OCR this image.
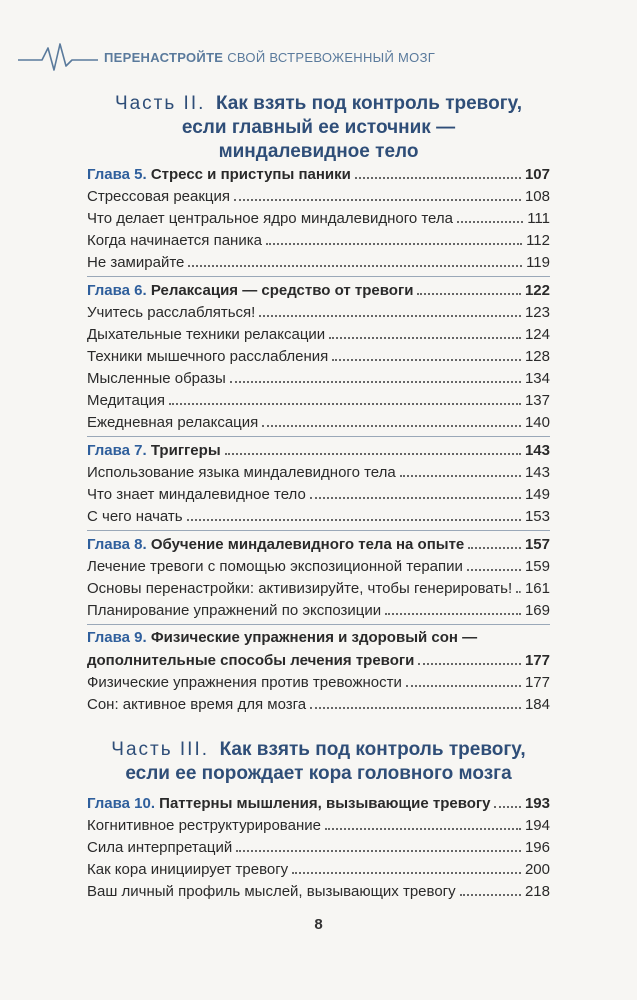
ПЕРЕНАСТРОЙТЕ СВОЙ ВСТРЕВОЖЕННЫЙ МОЗГ
Часть II. Как взять под контроль тревогу,
если главный ее источник —
миндалевидное тело
Глава 5. Стресс и приступы паники	107
Стрессовая реакция	108
Что делает центральное ядро миндалевидного тела	111
Когда начинается паника	112
Не замирайте	119
Глава 6. Релаксация — средство от тревоги	122
Учитесь расслабляться!	123
Дыхательные техники релаксации	124
Техники мышечного расслабления	128
Мысленные образы	134
Медитация	137
Ежедневная релаксация	140
Глава 7. Триггеры	143
Использование языка миндалевидного тела	143
Что знает миндалевидное тело	149
С чего начать	153
Глава 8. Обучение миндалевидного тела на опыте	157
Лечение тревоги с помощью экспозиционной терапии	159
Основы перенастройки: активизируйте, чтобы генерировать! 161
Планирование упражнений по экспозиции	169
Глава 9. Физические упражнения и здоровый сон —
дополнительные способы лечения тревоги	177
Физические упражнения против тревожности	177
Сон: активное время для мозга	184
Часть III. Как взять под контроль тревогу,
если ее порождает кора головного мозга
Глава 10. Паттерны мышления, вызывающие тревогу 193
Когнитивное реструктурирование	194
Сила интерпретаций	196
Как кора инициирует тревогу	200
Ваш личный профиль мыслей, вызывающих тревогу	218
8
